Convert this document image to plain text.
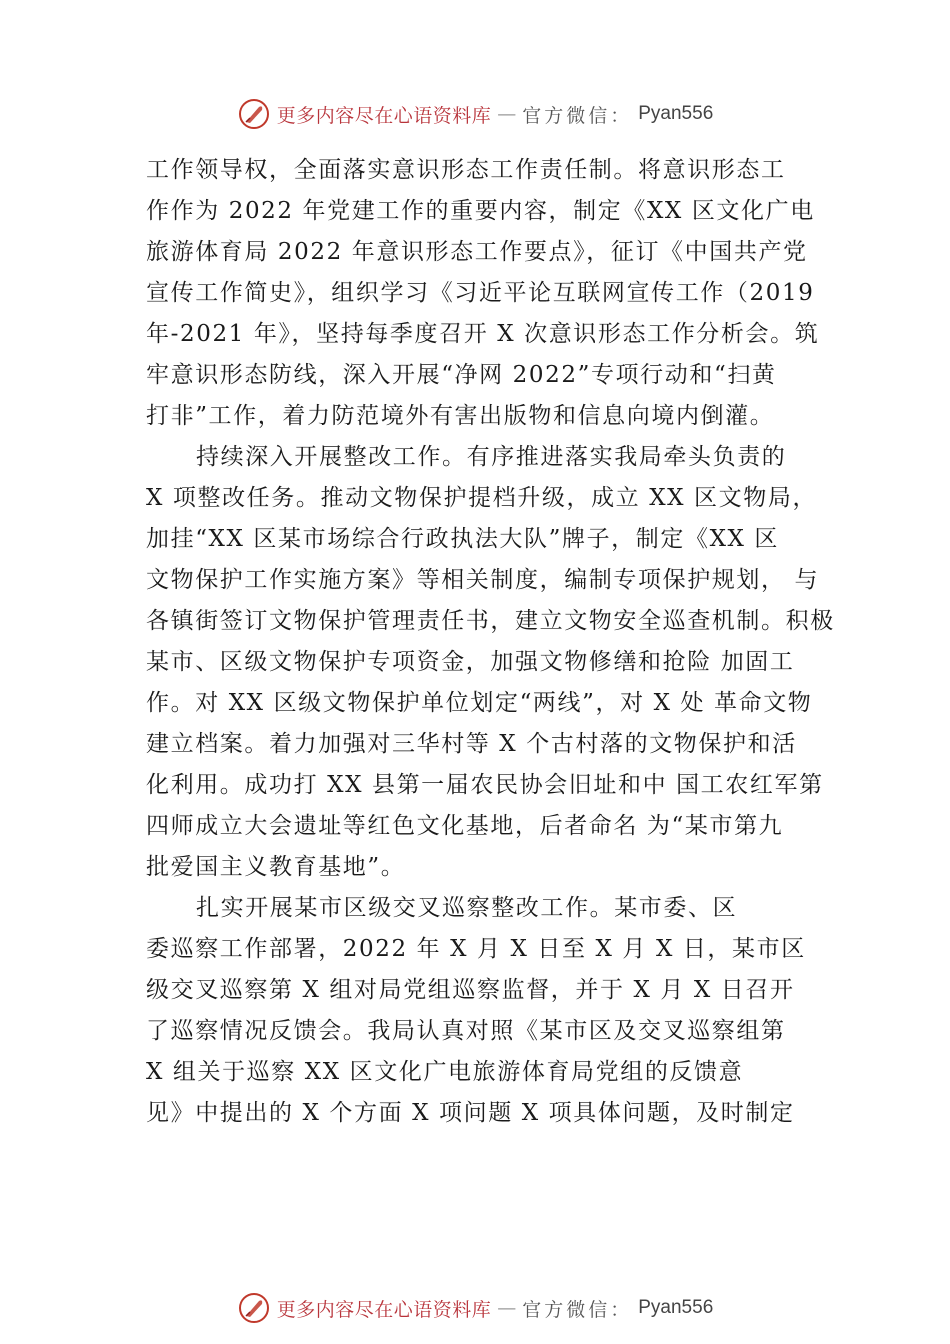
更多内容尽在心语资料库 — 官方微信： Pyan556
工作领导权，全面落实意识形态工作责任制。将意识形态工
作作为 2022 年党建工作的重要内容，制定《XX 区文化广电
旅游体育局 2022 年意识形态工作要点》，征订《中国共产党
宣传工作简史》，组织学习《习近平论互联网宣传工作（2019
年-2021 年》，坚持每季度召开 X 次意识形态工作分析会。筑
牢意识形态防线，深入开展“净网 2022”专项行动和“扫黄
打非”工作，着力防范境外有害出版物和信息向境内倒灌。
持续深入开展整改工作。有序推进落实我局牵头负责的
X 项整改任务。推动文物保护提档升级，成立 XX 区文物局，
加挂“XX 区某市场综合行政执法大队”牌子，制定《XX 区
文物保护工作实施方案》等相关制度，编制专项保护规划， 与
各镇街签订文物保护管理责任书，建立文物安全巡查机制。积极
某市、区级文物保护专项资金，加强文物修缮和抢险 加固工
作。对 XX 区级文物保护单位划定“两线”，对 X 处 革命文物
建立档案。着力加强对三华村等 X 个古村落的文物保护和活
化利用。成功打 XX 县第一届农民协会旧址和中 国工农红军第
四师成立大会遗址等红色文化基地，后者命名 为“某市第九
批爱国主义教育基地”。
扎实开展某市区级交叉巡察整改工作。某市委、区
委巡察工作部署，2022 年 X 月 X 日至 X 月 X 日，某市区
级交叉巡察第 X 组对局党组巡察监督，并于 X 月 X 日召开
了巡察情况反馈会。我局认真对照《某市区及交叉巡察组第
X 组关于巡察 XX 区文化广电旅游体育局党组的反馈意
见》中提出的 X 个方面 X 项问题 X 项具体问题，及时制定
更多内容尽在心语资料库 — 官方微信： Pyan556
